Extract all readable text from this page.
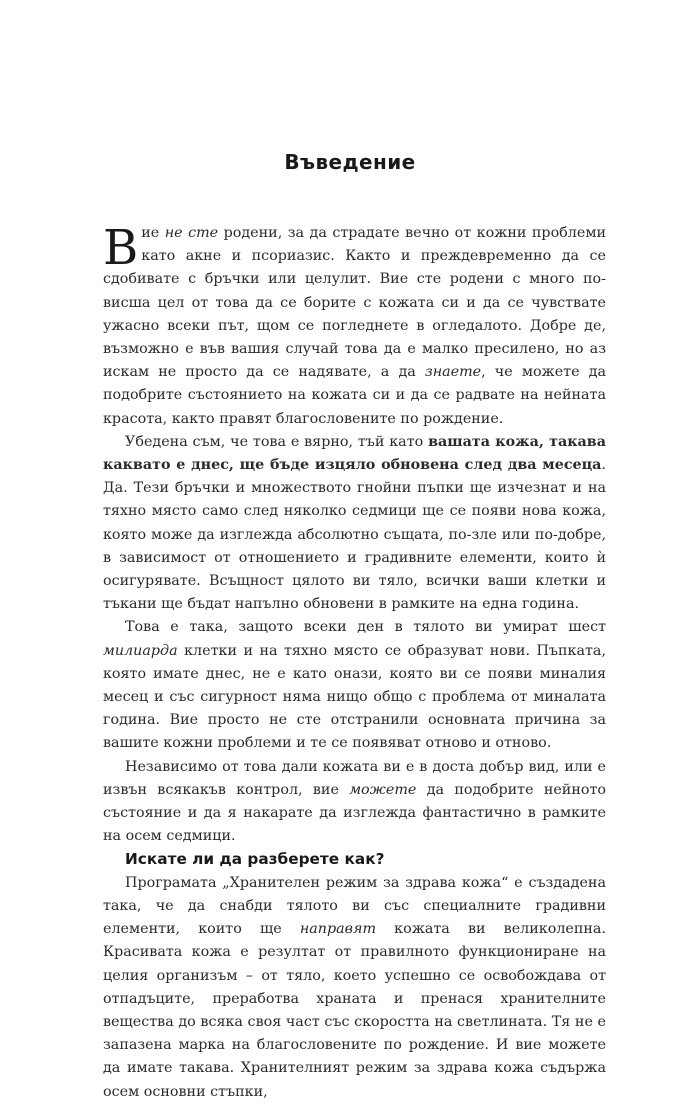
Въведение

Вие не сте родени, за да страдате вечно от кожни проблеми като акне и псориазис. Както и преждевременно да се сдобивате с бръчки или целулит. Вие сте родени с много по-висша цел от това да се борите с кожата си и да се чувствате ужасно всеки път, щом се погледнете в огледалото. Добре де, възможно е във вашия случай това да е малко пресилено, но аз искам не просто да се надявате, а да знаете, че можете да подобрите състоянието на кожата си и да се радвате на нейната красота, както правят благословените по рождение.

Убедена съм, че това е вярно, тъй като вашата кожа, такава каквато е днес, ще бъде изцяло обновена след два месеца. Да. Тези бръчки и множеството гнойни пъпки ще изчезнат и на тяхно място само след няколко седмици ще се появи нова кожа, която може да изглежда абсолютно същата, по-зле или по-добре, в зависимост от отношението и градивните елементи, които ѝ осигурявате. Всъщност цялото ви тяло, всички ваши клетки и тъкани ще бъдат напълно обновени в рамките на една година.

Това е така, защото всеки ден в тялото ви умират шест милиарда клетки и на тяхно място се образуват нови. Пъпката, която имате днес, не е като онази, която ви се появи миналия месец и със сигурност няма нищо общо с проблема от миналата година. Вие просто не сте отстранили основната причина за вашите кожни проблеми и те се появяват отново и отново.

Независимо от това дали кожата ви е в доста добър вид, или е извън всякакъв контрол, вие можете да подобрите нейното състояние и да я накарате да изглежда фантастично в рамките на осем седмици.

Искате ли да разберете как?

Програмата „Хранителен режим за здрава кожа“ е създадена така, че да снабди тялото ви със специалните градивни елементи, които ще направят кожата ви великолепна. Красивата кожа е резултат от правилното функциониране на целия организъм – от тяло, което успешно се освобождава от отпадъците, преработва храната и пренася хранителните вещества до всяка своя част със скоростта на светлината. Тя не е запазена марка на благословените по рождение. И вие можете да имате такава. Хранителният режим за здрава кожа съдържа осем основни стъпки,
